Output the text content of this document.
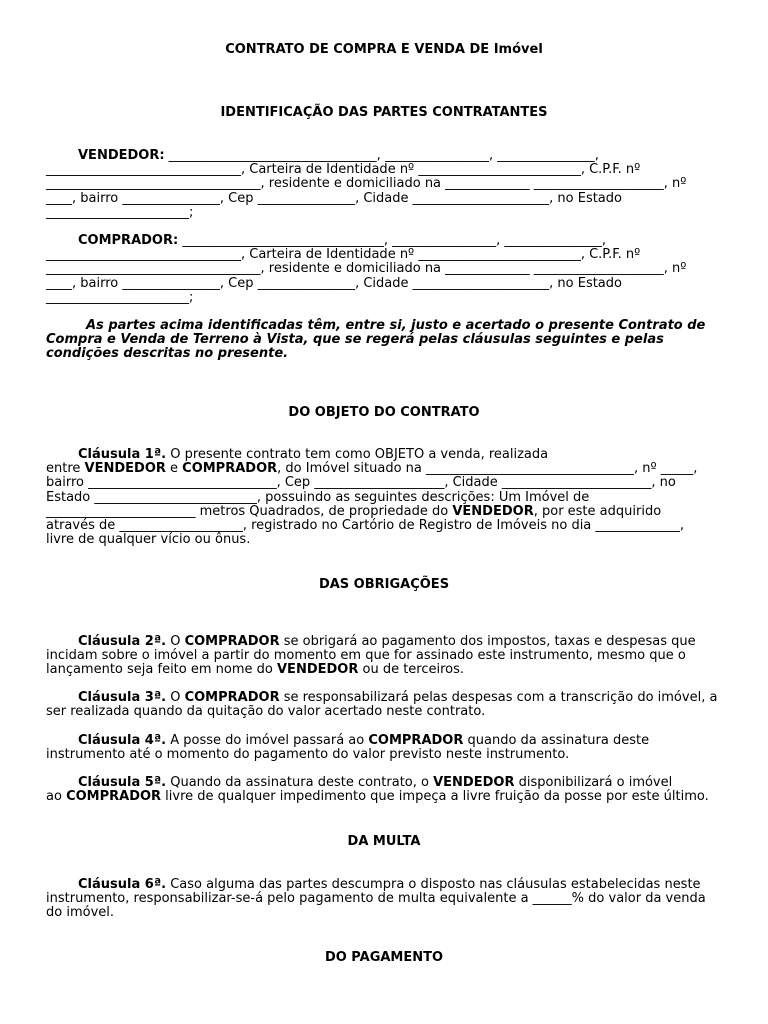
CONTRATO DE COMPRA E VENDA DE Imóvel
IDENTIFICAÇÃO DAS PARTES CONTRATANTES
VENDEDOR: ________________________________, ________________, _______________,
______________________________, Carteira de Identidade nº _________________________, C.P.F. nº
_________________________________, residente e domiciliado na _____________ ____________________, nº
____, bairro _______________, Cep _______________, Cidade _____________________, no Estado
______________________;
COMPRADOR: _______________________________, ________________, _______________,
______________________________, Carteira de Identidade nº _________________________, C.P.F. nº
_________________________________, residente e domiciliado na _____________ ____________________, nº
____, bairro _______________, Cep _______________, Cidade _____________________, no Estado
______________________;
As partes acima identificadas têm, entre si, justo e acertado o presente Contrato de
Compra e Venda de Terreno à Vista, que se regerá pelas cláusulas seguintes e pelas
condições descritas no presente.
DO OBJETO DO CONTRATO
Cláusula 1ª. O presente contrato tem como OBJETO a venda, realizada
entre VENDEDOR e COMPRADOR, do Imóvel situado na ________________________________, nº _____,
bairro _____________________________, Cep ____________________, Cidade _______________________, no
Estado _________________________, possuindo as seguintes descrições: Um Imóvel de
_______________________ metros Quadrados, de propriedade do VENDEDOR, por este adquirido
através de ___________________, registrado no Cartório de Registro de Imóveis no dia _____________,
livre de qualquer vício ou ônus.
DAS OBRIGAÇÕES
Cláusula 2ª. O COMPRADOR se obrigará ao pagamento dos impostos, taxas e despesas que
incidam sobre o imóvel a partir do momento em que for assinado este instrumento, mesmo que o
lançamento seja feito em nome do VENDEDOR ou de terceiros.
Cláusula 3ª. O COMPRADOR se responsabilizará pelas despesas com a transcrição do imóvel, a
ser realizada quando da quitação do valor acertado neste contrato.
Cláusula 4ª. A posse do imóvel passará ao COMPRADOR quando da assinatura deste
instrumento até o momento do pagamento do valor previsto neste instrumento.
Cláusula 5ª. Quando da assinatura deste contrato, o VENDEDOR disponibilizará o imóvel
ao COMPRADOR livre de qualquer impedimento que impeça a livre fruição da posse por este último.
DA MULTA
Cláusula 6ª. Caso alguma das partes descumpra o disposto nas cláusulas estabelecidas neste
instrumento, responsabilizar-se-á pelo pagamento de multa equivalente a ______% do valor da venda
do imóvel.
DO PAGAMENTO
